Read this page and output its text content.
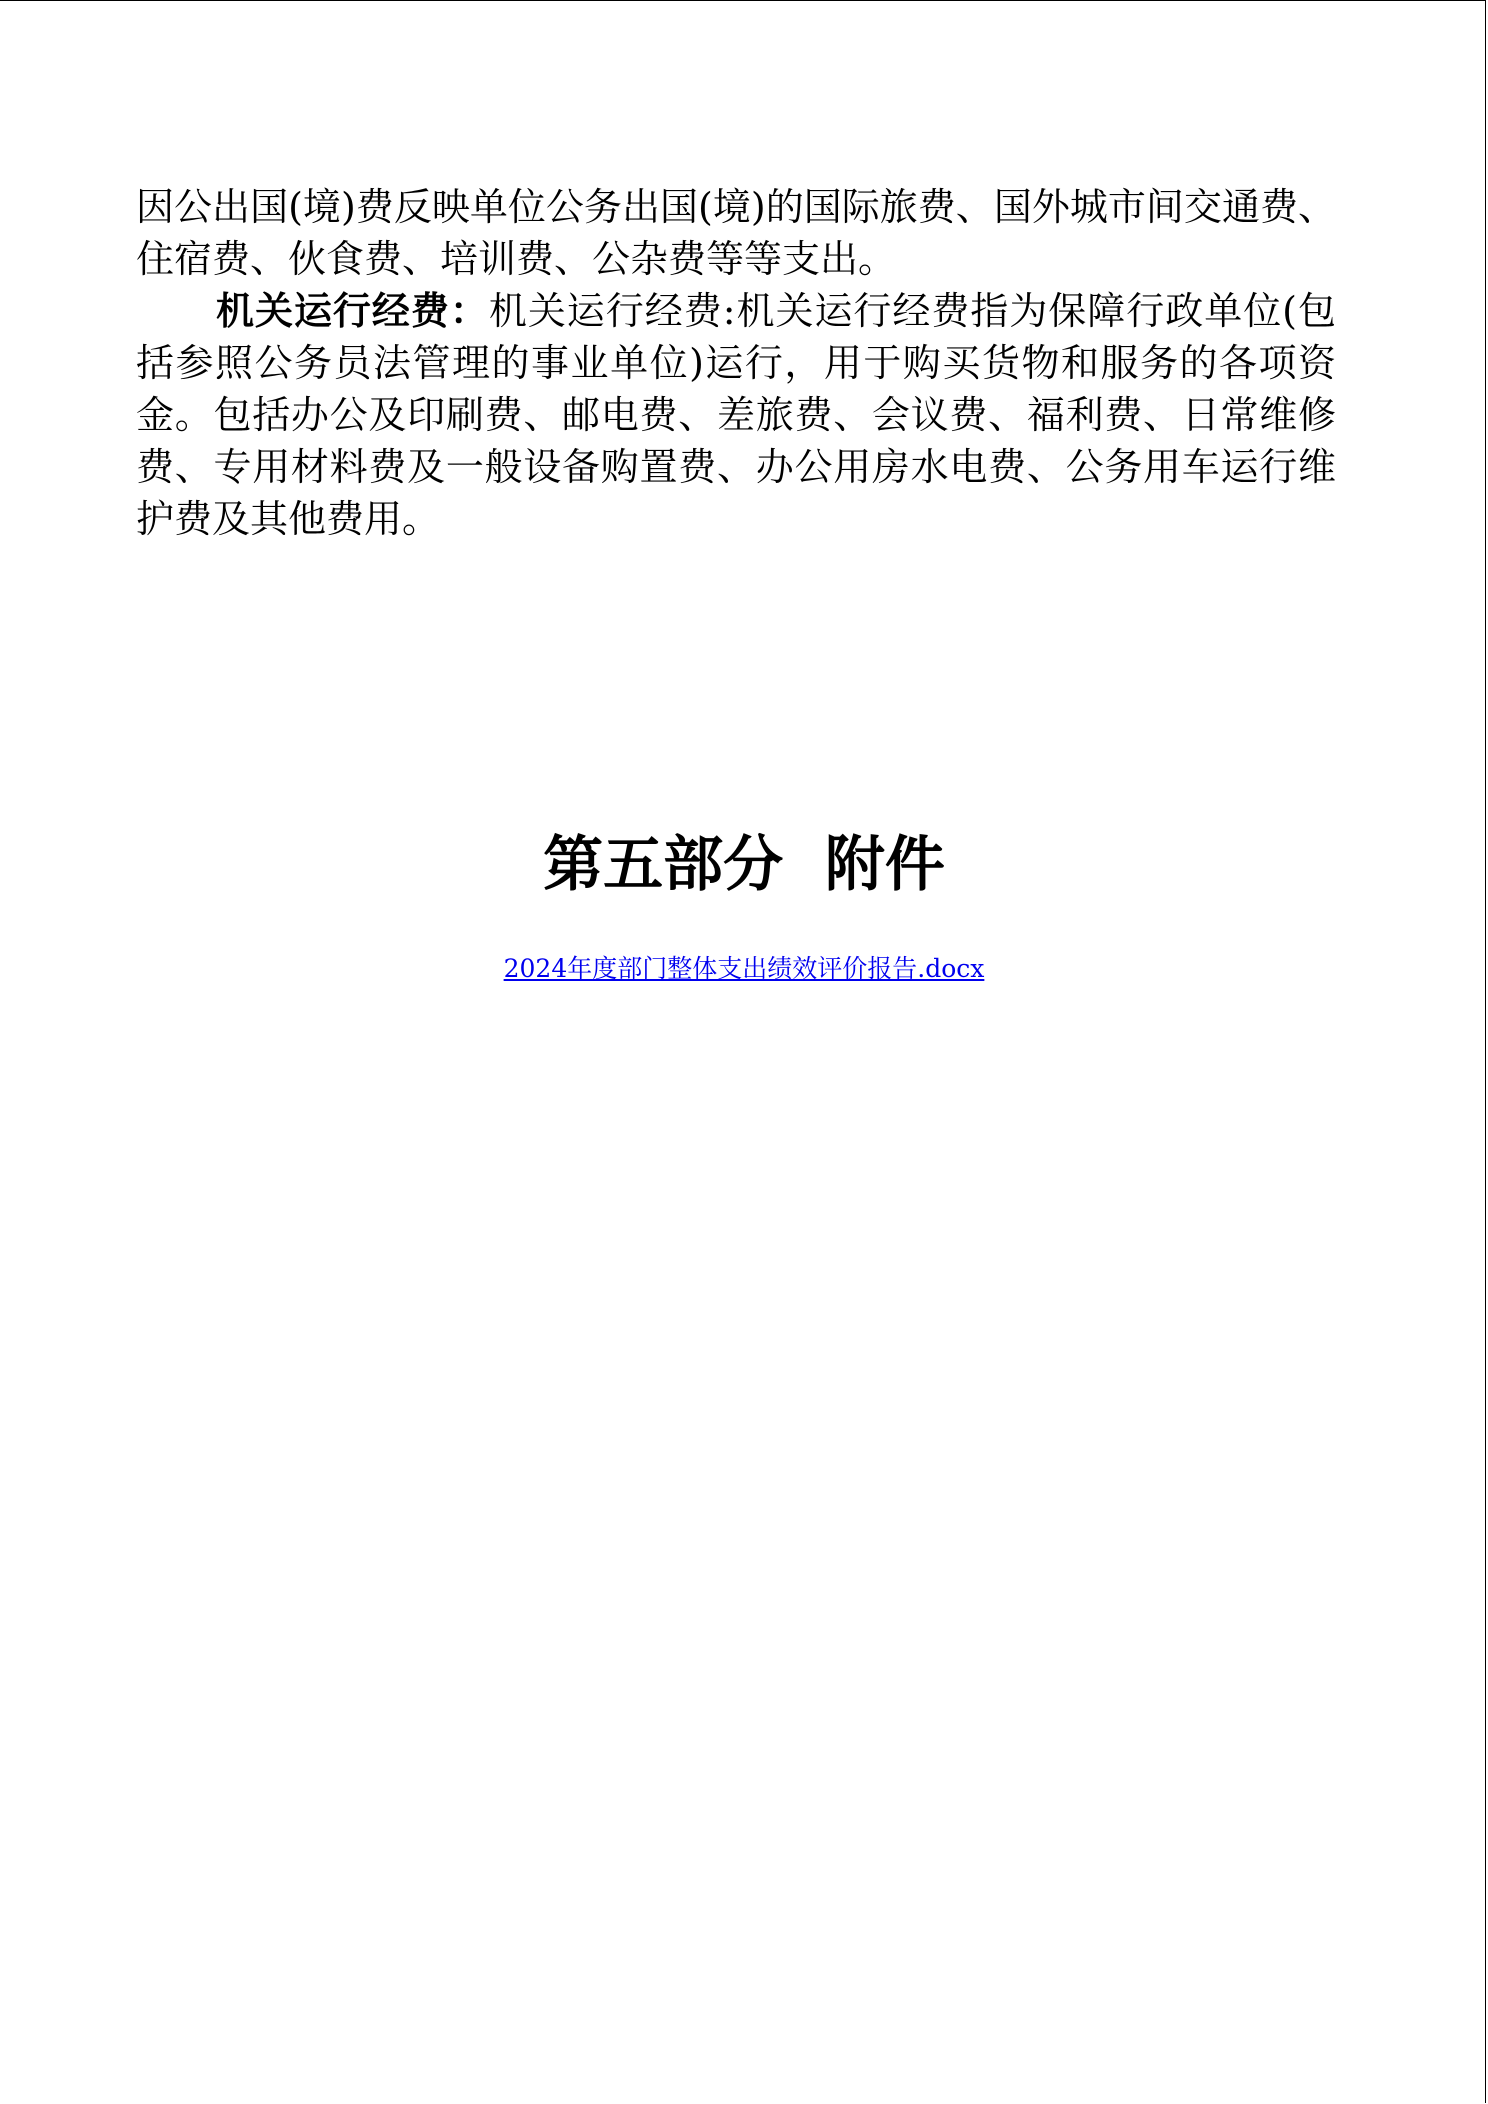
因公出国(境)费反映单位公务出国(境)的国际旅费、国外城市间交通费、住宿费、伙食费、培训费、公杂费等等支出。

机关运行经费：机关运行经费:机关运行经费指为保障行政单位(包括参照公务员法管理的事业单位)运行，用于购买货物和服务的各项资金。包括办公及印刷费、邮电费、差旅费、会议费、福利费、日常维修费、专用材料费及一般设备购置费、办公用房水电费、公务用车运行维护费及其他费用。

第五部分  附件
2024年度部门整体支出绩效评价报告.docx
